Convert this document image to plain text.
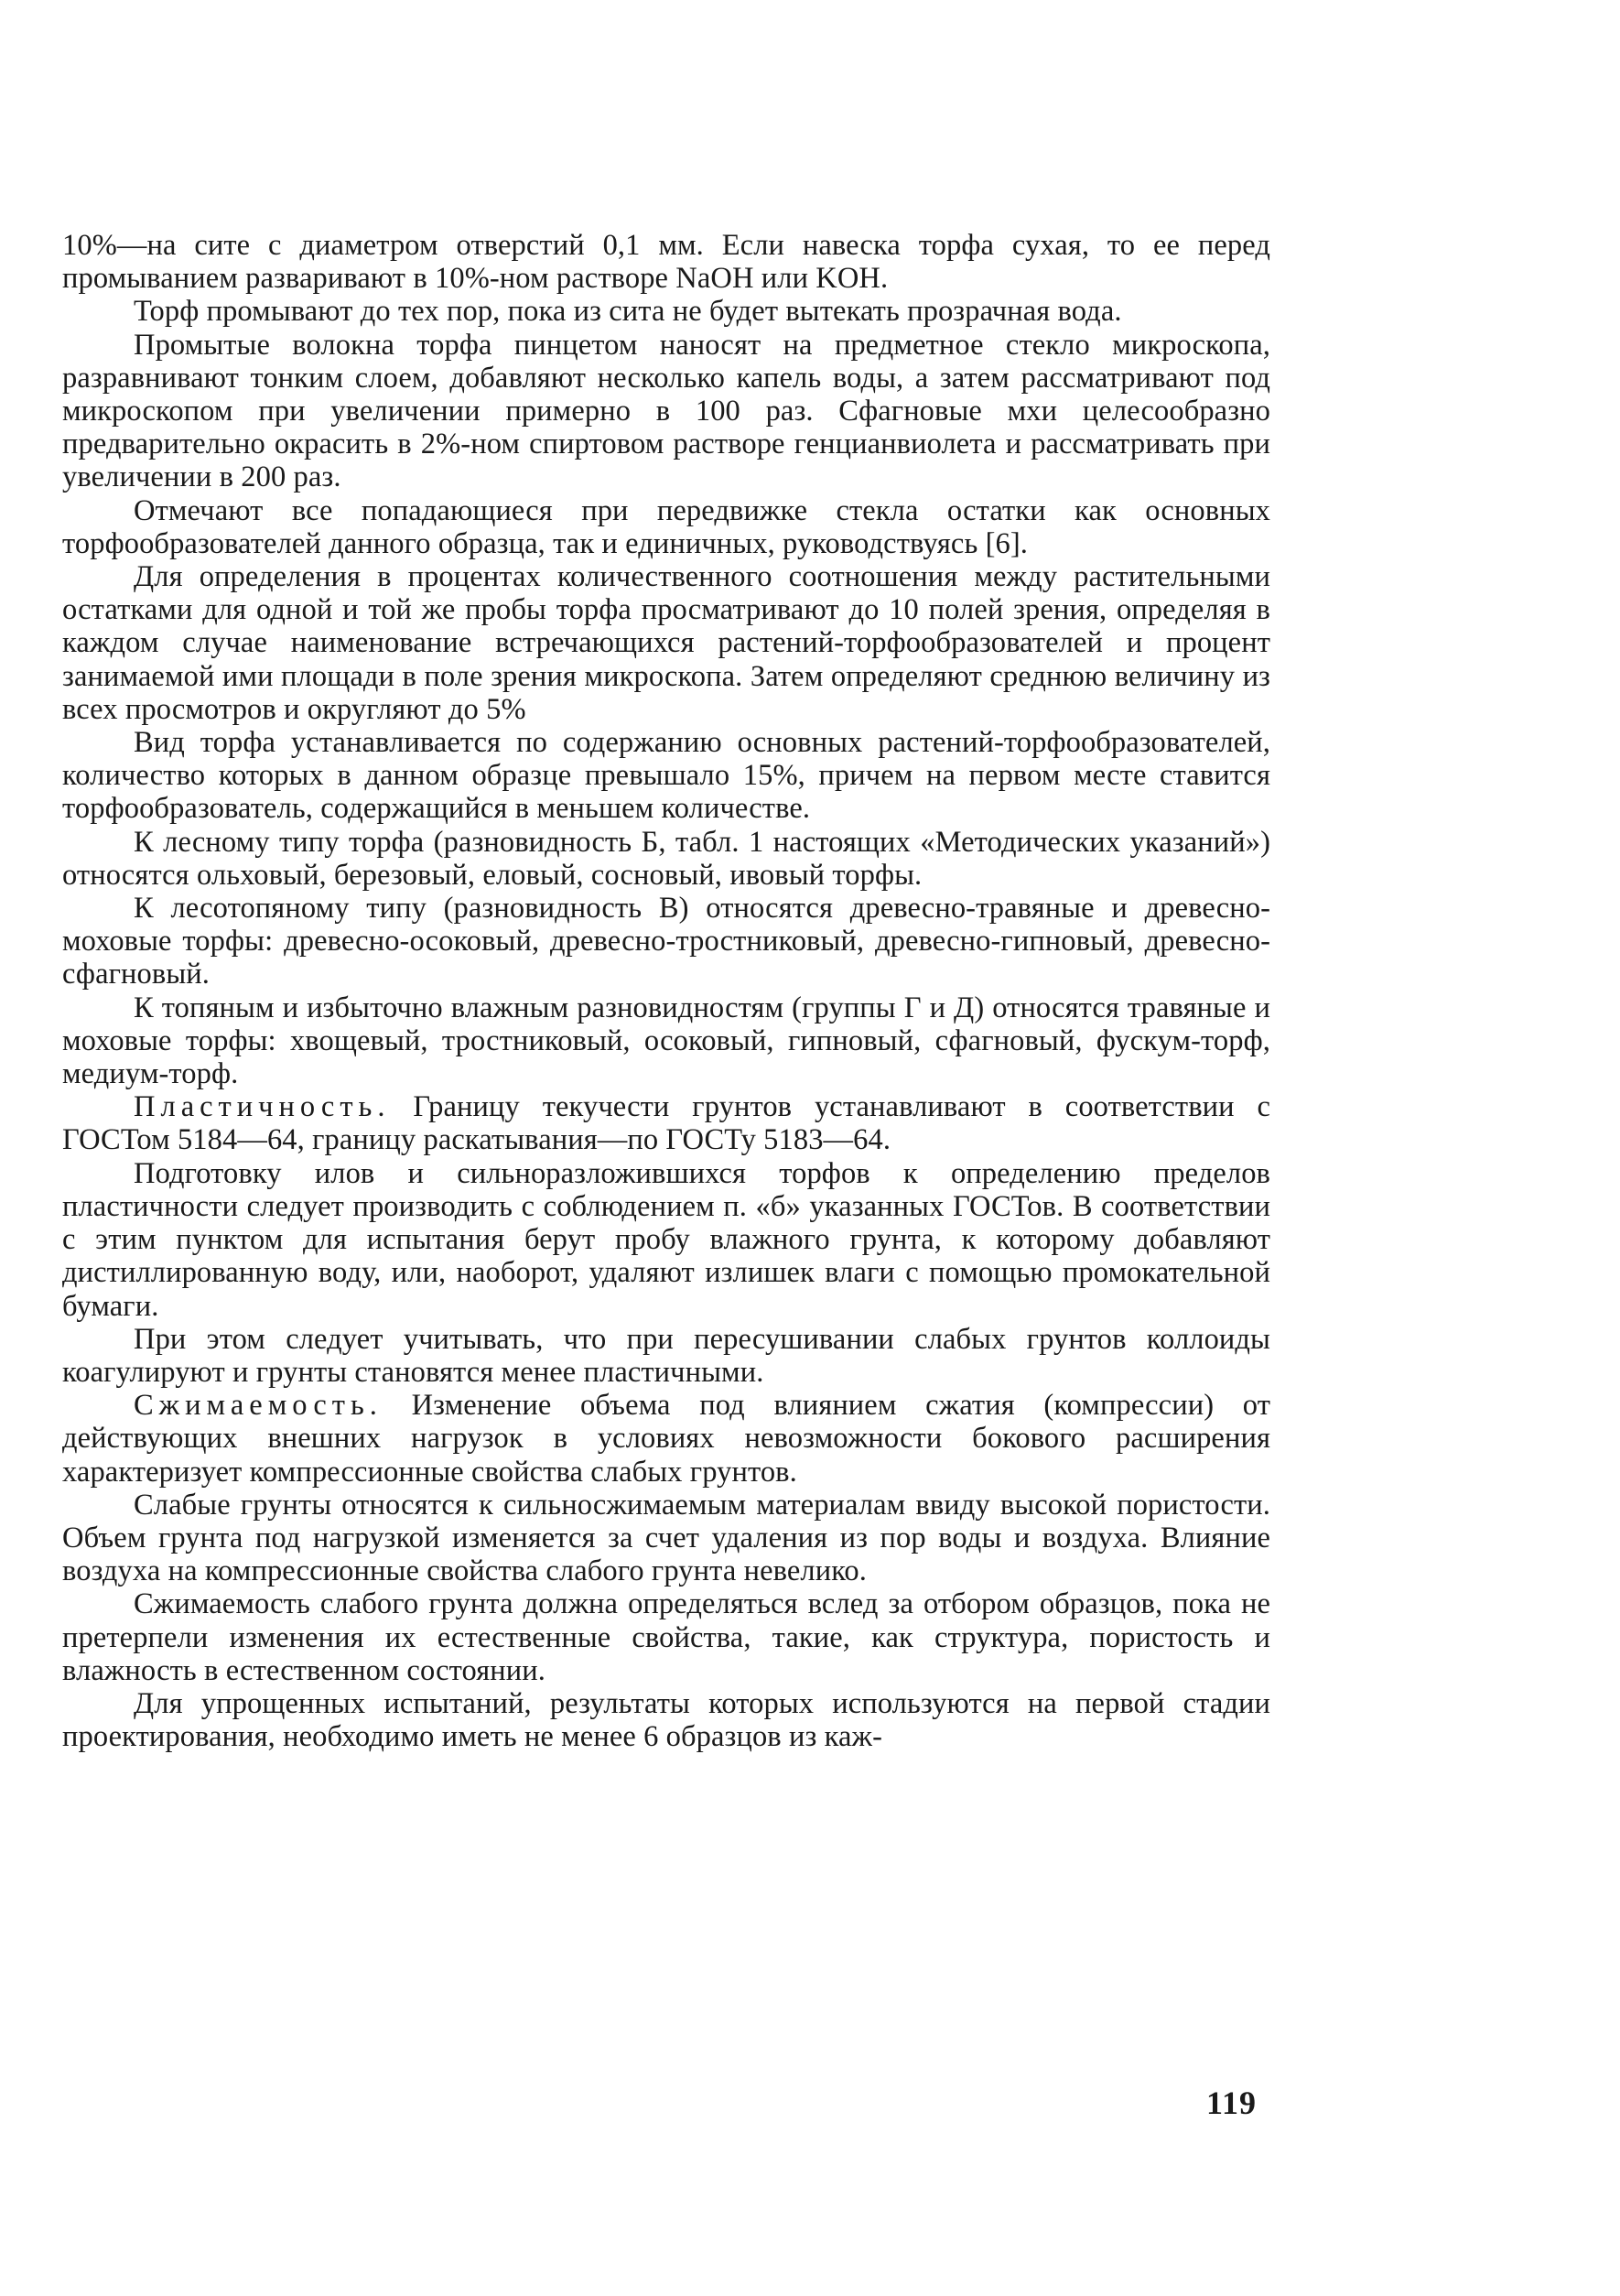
10%—на сите с диаметром отверстий 0,1 мм. Если навеска торфа сухая, то ее перед промыванием разваривают в 10%-ном растворе NaOH или KOH.

Торф промывают до тех пор, пока из сита не будет вытекать прозрачная вода.

Промытые волокна торфа пинцетом наносят на предметное стекло микроскопа, разравнивают тонким слоем, добавляют несколько капель воды, а затем рассматривают под микроскопом при увеличении примерно в 100 раз. Сфагновые мхи целесообразно предварительно окрасить в 2%-ном спиртовом растворе генцианвиолета и рассматривать при увеличении в 200 раз.

Отмечают все попадающиеся при передвижке стекла остатки как основных торфообразователей данного образца, так и единичных, руководствуясь [6].

Для определения в процентах количественного соотношения между растительными остатками для одной и той же пробы торфа просматривают до 10 полей зрения, определяя в каждом случае наименование встречающихся растений-торфообразователей и процент занимаемой ими площади в поле зрения микроскопа. Затем определяют среднюю величину из всех просмотров и округляют до 5%

Вид торфа устанавливается по содержанию основных растений-торфообразователей, количество которых в данном образце превышало 15%, причем на первом месте ставится торфообразователь, содержащийся в меньшем количестве.

К лесному типу торфа (разновидность Б, табл. 1 настоящих «Методических указаний») относятся ольховый, березовый, еловый, сосновый, ивовый торфы.

К лесотопяному типу (разновидность В) относятся древесно-травяные и древесно-моховые торфы: древесно-осоковый, древесно-тростниковый, древесно-гипновый, древесно-сфагновый.

К топяным и избыточно влажным разновидностям (группы Г и Д) относятся травяные и моховые торфы: хвощевый, тростниковый, осоковый, гипновый, сфагновый, фускум-торф, медиум-торф.

Пластичность. Границу текучести грунтов устанавливают в соответствии с ГОСТом 5184—64, границу раскатывания—по ГОСТу 5183—64.

Подготовку илов и сильноразложившихся торфов к определению пределов пластичности следует производить с соблюдением п. «б» указанных ГОСТов. В соответствии с этим пунктом для испытания берут пробу влажного грунта, к которому добавляют дистиллированную воду, или, наоборот, удаляют излишек влаги с помощью промокательной бумаги.

При этом следует учитывать, что при пересушивании слабых грунтов коллоиды коагулируют и грунты становятся менее пластичными.

Сжимаемость. Изменение объема под влиянием сжатия (компрессии) от действующих внешних нагрузок в условиях невозможности бокового расширения характеризует компрессионные свойства слабых грунтов.

Слабые грунты относятся к сильносжимаемым материалам ввиду высокой пористости. Объем грунта под нагрузкой изменяется за счет удаления из пор воды и воздуха. Влияние воздуха на компрессионные свойства слабого грунта невелико.

Сжимаемость слабого грунта должна определяться вслед за отбором образцов, пока не претерпели изменения их естественные свойства, такие, как структура, пористость и влажность в естественном состоянии.

Для упрощенных испытаний, результаты которых используются на первой стадии проектирования, необходимо иметь не менее 6 образцов из каж-

119
